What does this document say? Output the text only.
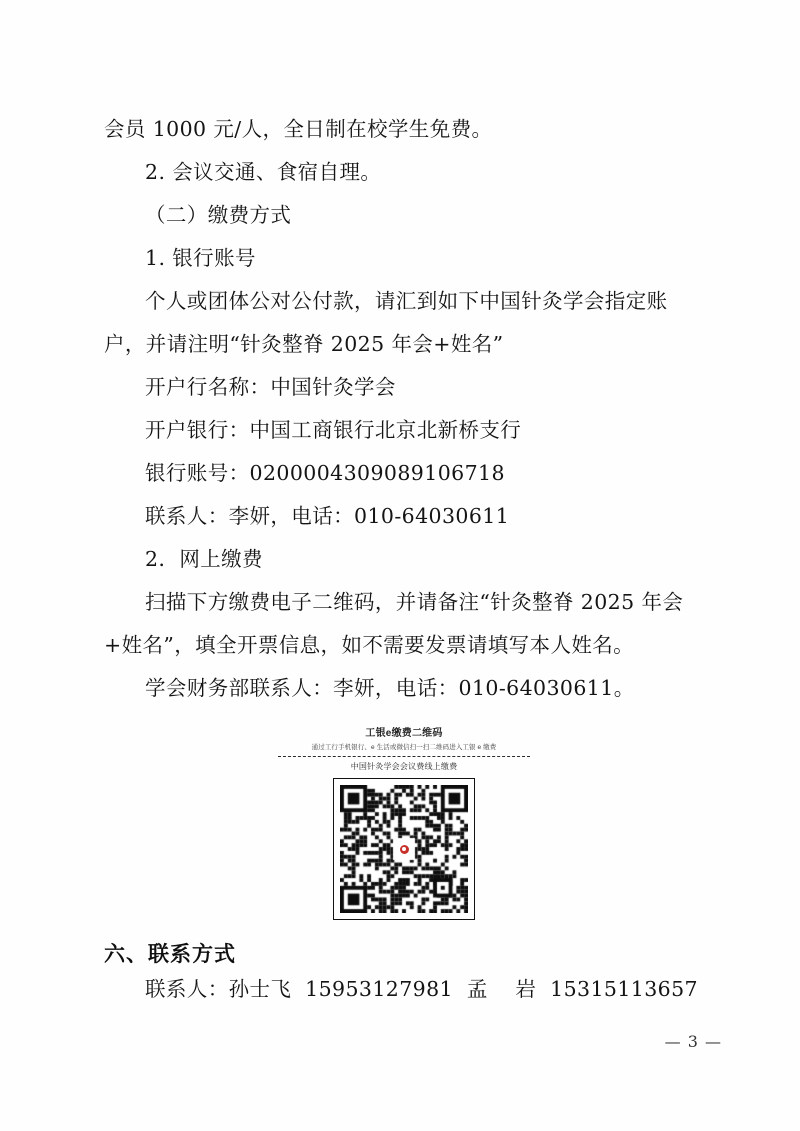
会员 1000 元/人，全日制在校学生免费。

2. 会议交通、食宿自理。

（二）缴费方式

1. 银行账号

个人或团体公对公付款，请汇到如下中国针灸学会指定账户，并请注明“针灸整脊 2025 年会+姓名”

开户行名称：中国针灸学会

开户银行：中国工商银行北京北新桥支行

银行账号：0200004309089106718

联系人：李妍，电话：010-64030611

2．网上缴费

扫描下方缴费电子二维码，并请备注“针灸整脊 2025 年会+姓名”，填全开票信息，如不需要发票请填写本人姓名。

学会财务部联系人：李妍，电话：010-64030611。

工银e缴费二维码
通过工行手机银行、e 生活或微信扫一扫二维码进入工银 e 缴费
中国针灸学会会议费线上缴费
六、联系方式

联系人：孙士飞  15953127981  孟    岩  15315113657

— 3 —
